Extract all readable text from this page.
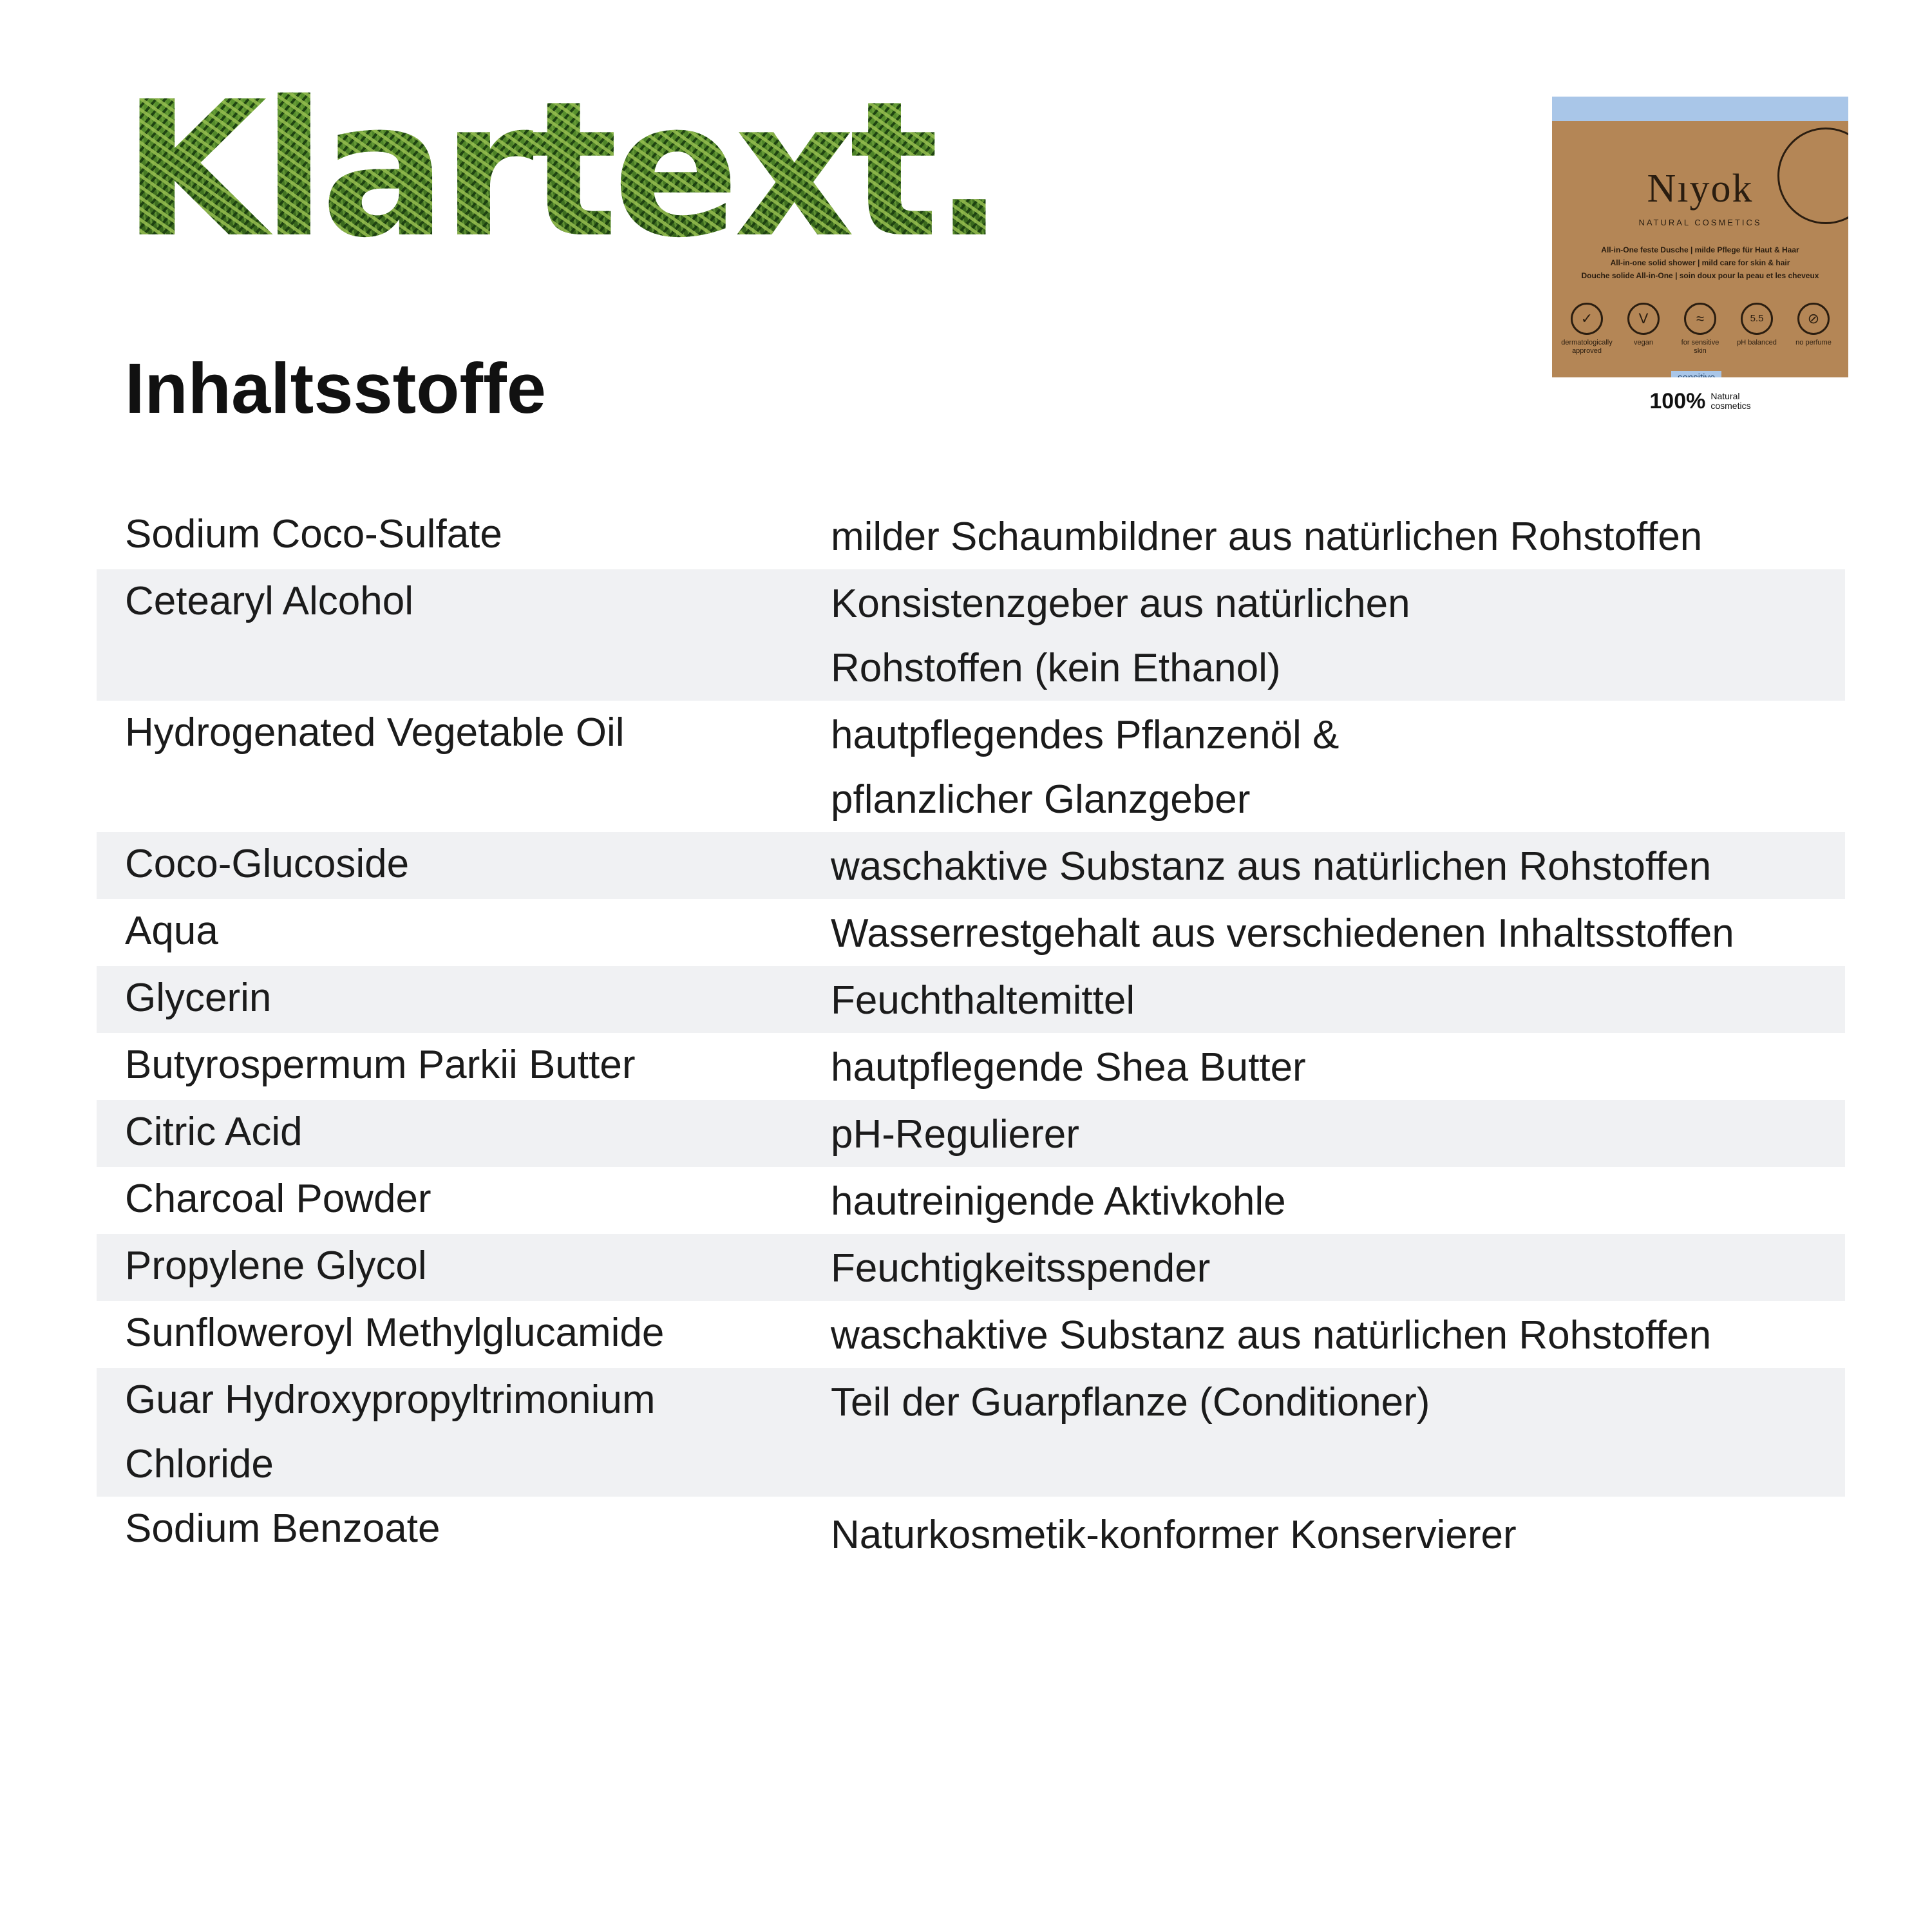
Klartext.
Inhaltsstoffe
Nıyok
Nıyok
NATURAL COSMETICS
All-in-One feste Dusche | milde Pflege für Haut & Haar
All-in-one solid shower | mild care for skin & hair
Douche solide All-in-One | soin doux pour la peau et les cheveux
✓
dermatologically approved
V
vegan
≈
for sensitive skin
5.5
pH balanced
⊘
no perfume
100% Natural
cosmetics
Sodium Coco-Sulfate	milder Schaumbildner aus natürlichen Rohstoffen
Cetearyl Alcohol	Konsistenzgeber aus natürlichen
Rohstoffen (kein Ethanol)
Hydrogenated Vegetable Oil	hautpflegendes Pflanzenöl &
pflanzlicher Glanzgeber
Coco-Glucoside	waschaktive Substanz aus natürlichen Rohstoffen
Aqua	Wasserrestgehalt aus verschiedenen Inhaltsstoffen
Glycerin	Feuchthaltemittel
Butyrospermum Parkii Butter	hautpflegende Shea Butter
Citric Acid	pH-Regulierer
Charcoal Powder	hautreinigende Aktivkohle
Propylene Glycol	Feuchtigkeitsspender
Sunfloweroyl Methylglucamide	waschaktive Substanz aus natürlichen Rohstoffen
Guar Hydroxypropyltrimonium
Chloride
Teil der Guarpflanze (Conditioner)
Sodium Benzoate	Naturkosmetik-konformer Konservierer
